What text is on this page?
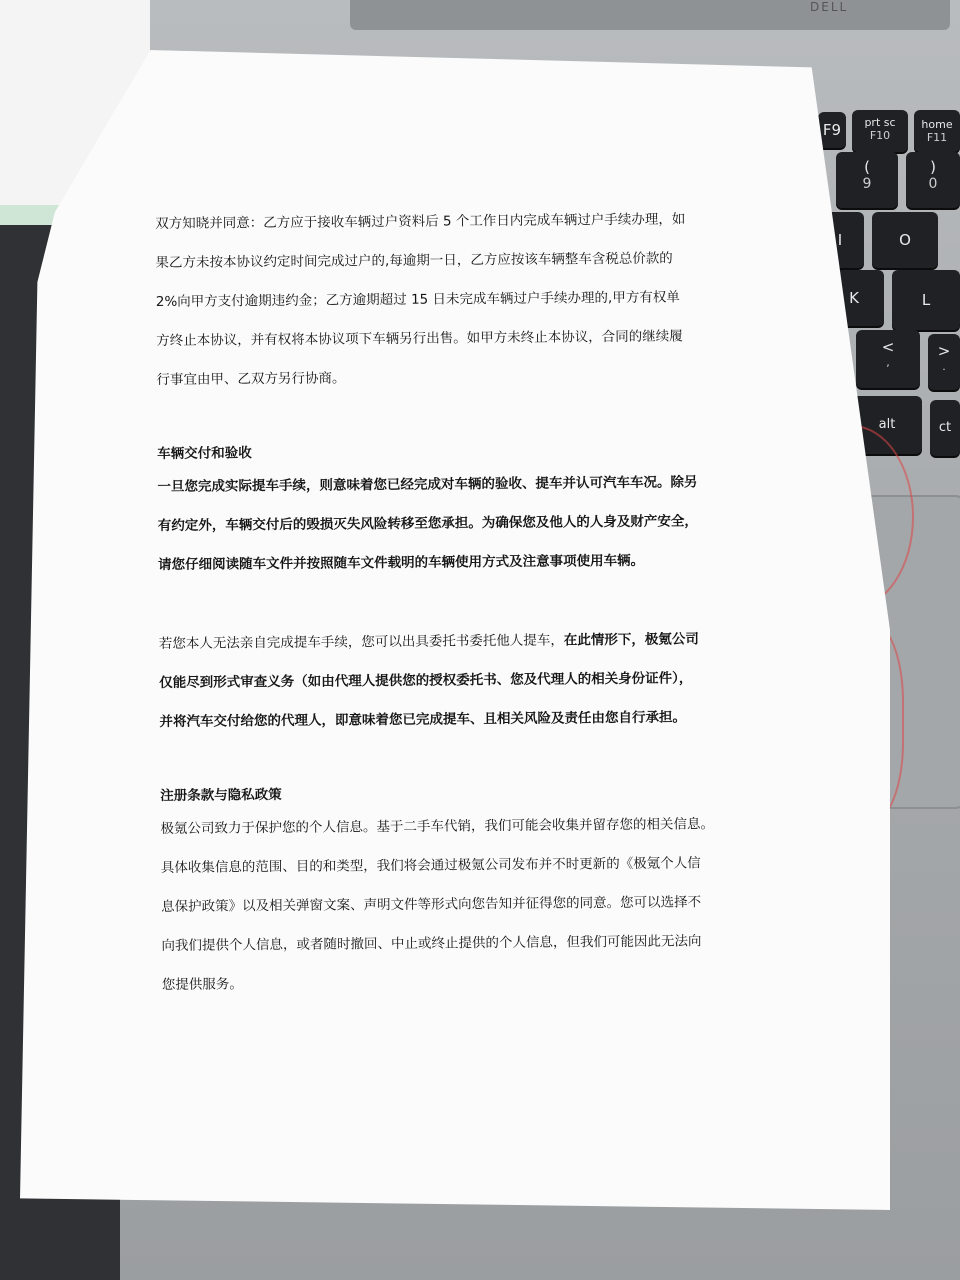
DELL
F9	prt sc
F10
home
F11
(
9
)
0
I	O
K	L
<
,
>
.
alt	ct

双方知晓并同意：乙方应于接收车辆过户资料后 5 个工作日内完成车辆过户手续办理，如

果乙方未按本协议约定时间完成过户的,每逾期一日，乙方应按该车辆整车含税总价款的

2%向甲方支付逾期违约金；乙方逾期超过 15 日未完成车辆过户手续办理的,甲方有权单

方终止本协议，并有权将本协议项下车辆另行出售。如甲方未终止本协议，合同的继续履

行事宜由甲、乙双方另行协商。

车辆交付和验收

一旦您完成实际提车手续，则意味着您已经完成对车辆的验收、提车并认可汽车车况。除另

有约定外，车辆交付后的毁损灭失风险转移至您承担。为确保您及他人的人身及财产安全，

请您仔细阅读随车文件并按照随车文件载明的车辆使用方式及注意事项使用车辆。

若您本人无法亲自完成提车手续，您可以出具委托书委托他人提车，在此情形下，极氪公司

仅能尽到形式审查义务（如由代理人提供您的授权委托书、您及代理人的相关身份证件），

并将汽车交付给您的代理人，即意味着您已完成提车、且相关风险及责任由您自行承担。

注册条款与隐私政策

极氪公司致力于保护您的个人信息。基于二手车代销，我们可能会收集并留存您的相关信息。

具体收集信息的范围、目的和类型，我们将会通过极氪公司发布并不时更新的《极氪个人信

息保护政策》以及相关弹窗文案、声明文件等形式向您告知并征得您的同意。您可以选择不

向我们提供个人信息，或者随时撤回、中止或终止提供的个人信息，但我们可能因此无法向

您提供服务。
